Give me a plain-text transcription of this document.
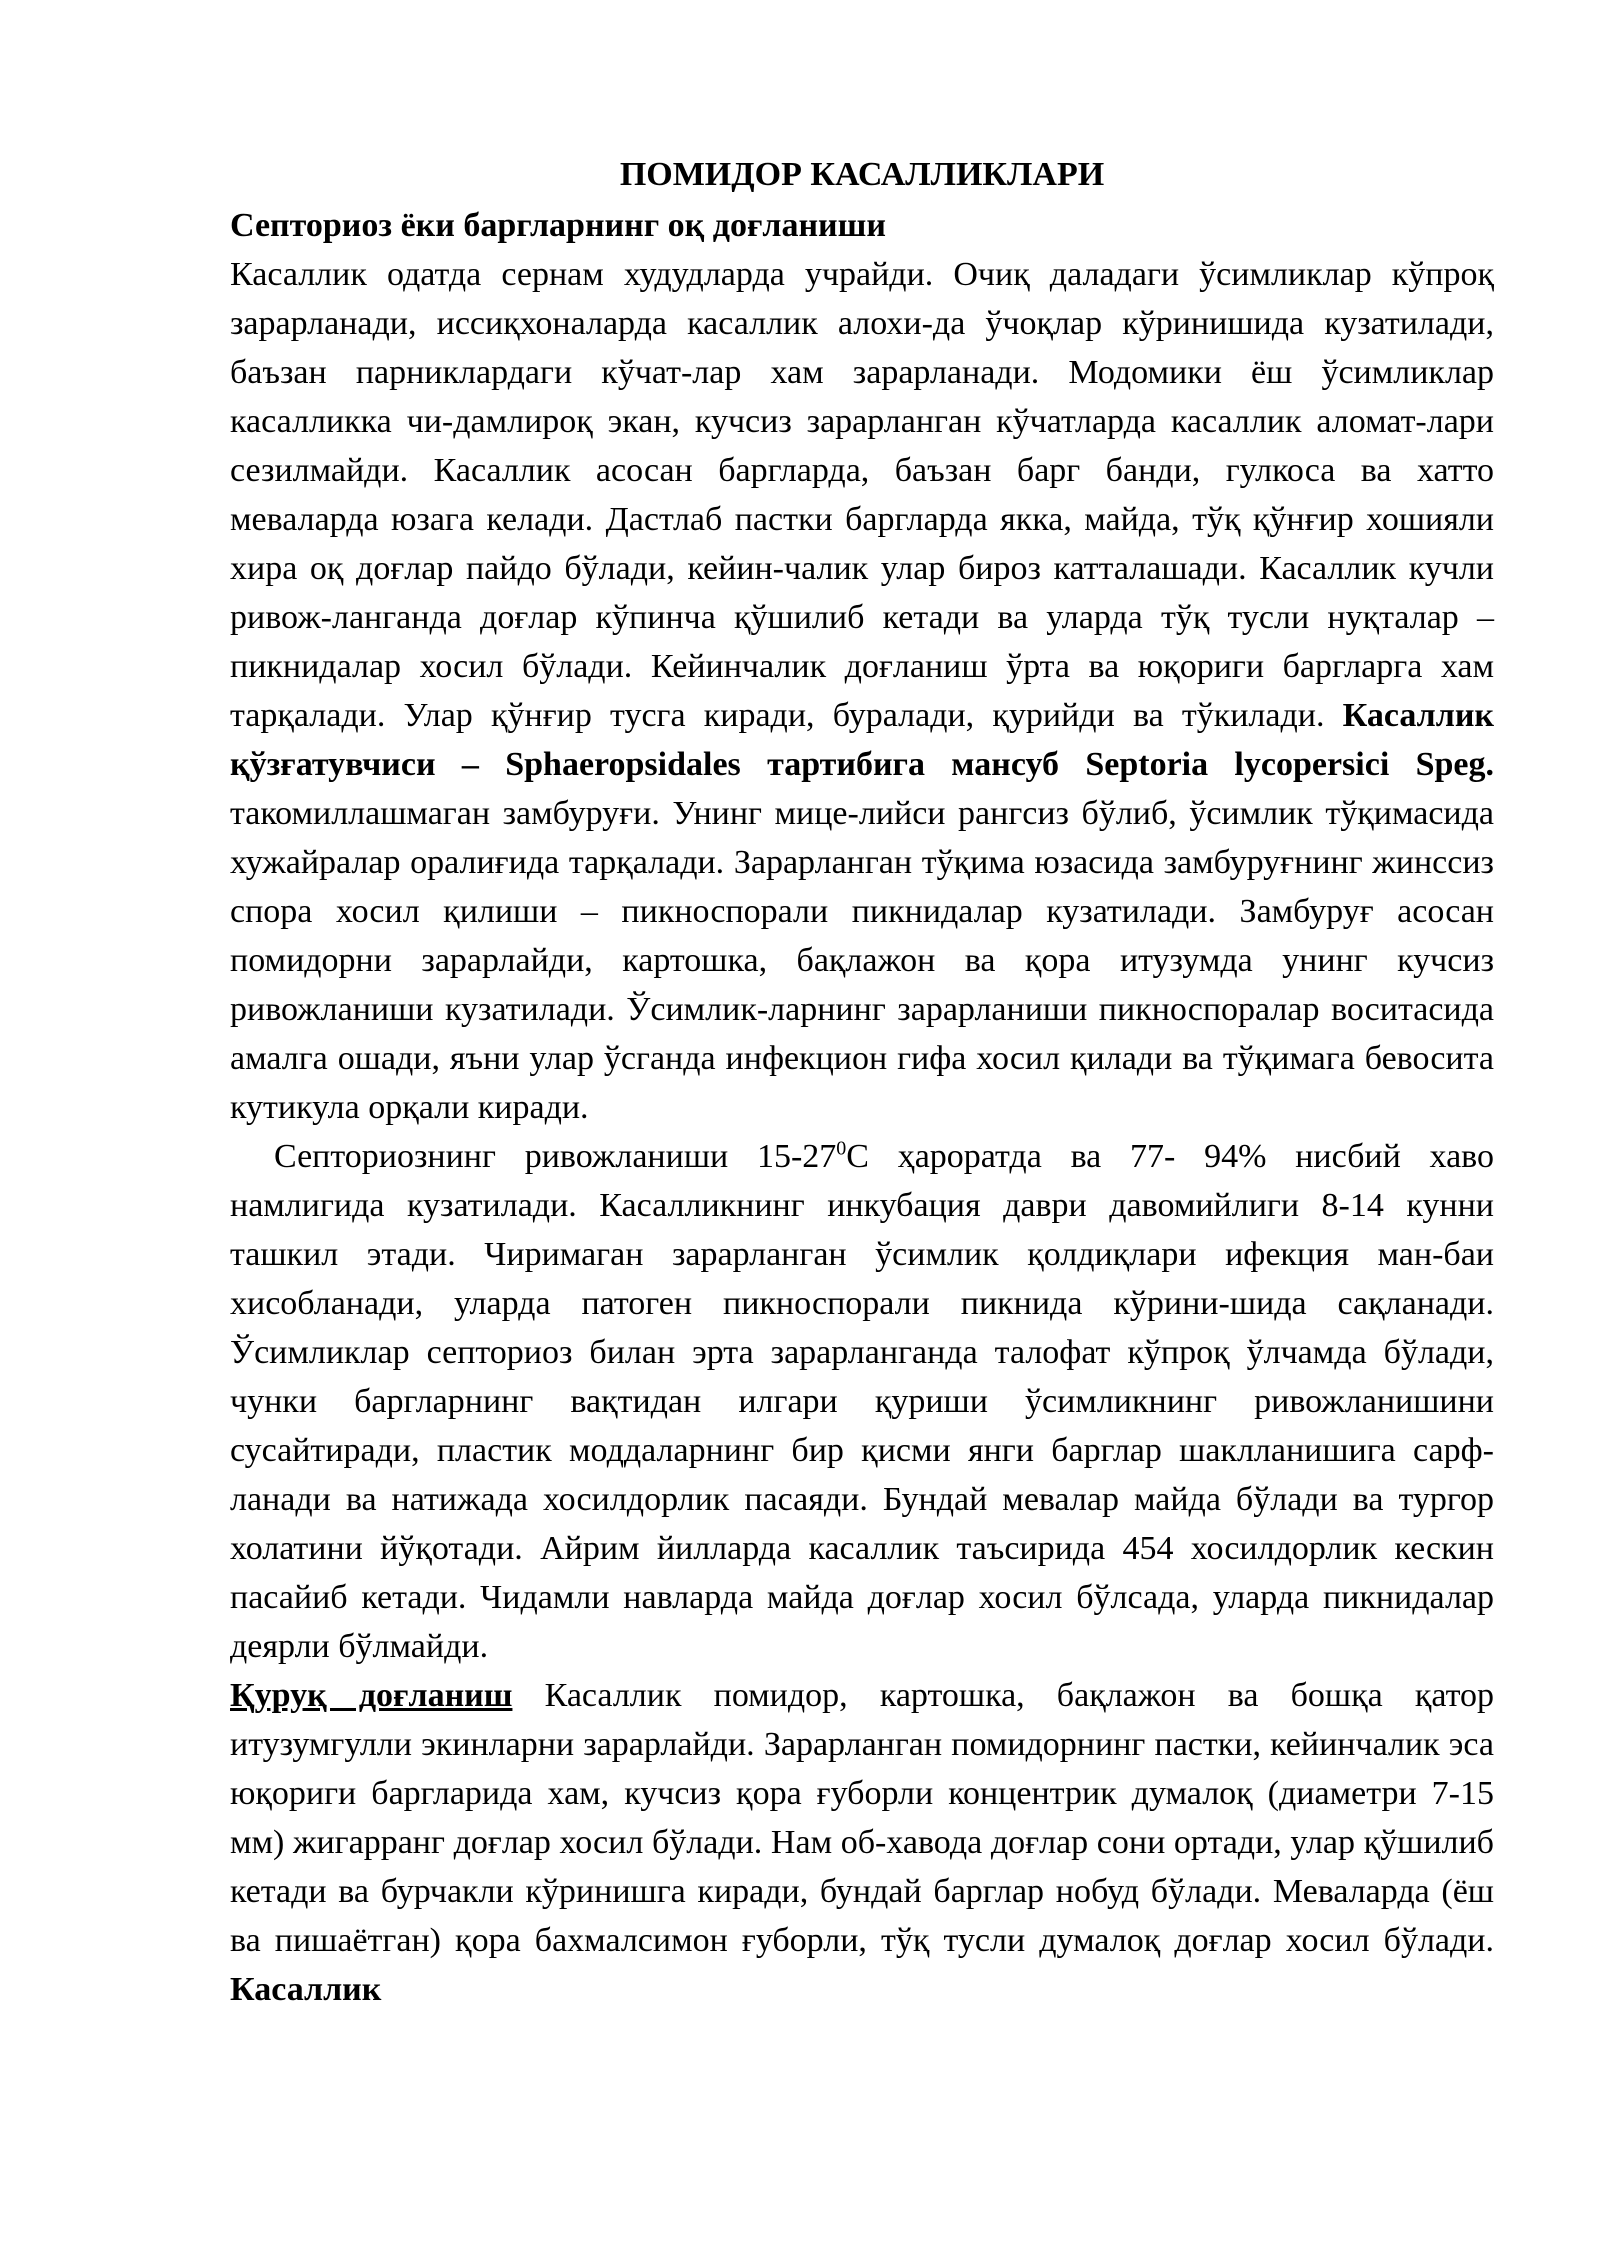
ПОМИДОР КАСАЛЛИКЛАРИ
Септориоз ёки баргларнинг оқ доғланиши

Касаллик одатда сернам худудларда учрайди. Очиқ даладаги ўсимликлар кўпроқ зарарланади, иссиқхоналарда касаллик алохи-да ўчоқлар кўринишида кузатилади, баъзан парниклардаги кўчат-лар хам зарарланади. Модомики ёш ўсимликлар касалликка чи-дамлироқ экан, кучсиз зарарланган кўчатларда касаллик аломат-лари сезилмайди. Касаллик асосан баргларда, баъзан барг банди, гулкоса ва хатто меваларда юзага келади. Дастлаб пастки баргларда якка, майда, тўқ қўнғир хошияли хира оқ доғлар пайдо бўлади, кейин-чалик улар бироз катталашади. Касаллик кучли ривож-ланганда доғлар кўпинча қўшилиб кетади ва уларда тўқ тусли нуқталар – пикнидалар хосил бўлади. Кейинчалик доғланиш ўрта ва юқориги баргларга хам тарқалади. Улар қўнғир тусга киради, буралади, қурийди ва тўкилади. Касаллик қўзғатувчиси – Sphaeropsidales тартибига мансуб Septoria lycopersici Speg. такомиллашмаган замбуруғи. Унинг мице-лийси рангсиз бўлиб, ўсимлик тўқимасида хужайралар оралиғида тарқалади. Зарарланган тўқима юзасида замбуруғнинг жинссиз спора хосил қилиши – пикноспорали пикнидалар кузатилади. Замбуруғ асосан помидорни зарарлайди, картошка, бақлажон ва қора итузумда унинг кучсиз ривожланиши кузатилади. Ўсимлик-ларнинг зарарланиши пикноспоралар воситасида амалга ошади, яъни улар ўсганда инфекцион гифа хосил қилади ва тўқимага бевосита кутикула орқали киради.

Септориознинг ривожланиши $15-27^0С$ ҳароратда ва 77- 94% нисбий хаво намлигида кузатилади. Касалликнинг инкубация даври давомийлиги 8-14 кунни ташкил этади. Чиримаган зарарланган ўсимлик қолдиқлари ифекция ман-баи хисобланади, уларда патоген пикноспорали пикнида кўрини-шида сақланади. Ўсимликлар септориоз билан эрта зарарланганда талофат кўпроқ ўлчамда бўлади, чунки баргларнинг вақтидан илгари қуриши ўсимликнинг ривожланишини сусайтиради, пластик моддаларнинг бир қисми янги барглар шаклланишига сарф-ланади ва натижада хосилдорлик пасаяди. Бундай мевалар майда бўлади ва тургор холатини йўқотади. Айрим йилларда касаллик таъсирида 454 хосилдорлик кескин пасайиб кетади. Чидамли навларда майда доғлар хосил бўлсада, уларда пикнидалар деярли бўлмайди.

Қуруқ доғланиш Касаллик помидор, картошка, бақлажон ва бошқа қатор итузумгулли экинларни зарарлайди. Зарарланган помидорнинг пастки, кейинчалик эса юқориги баргларида хам, кучсиз қора ғуборли концентрик думалоқ (диаметри 7-15 мм) жигарранг доғлар хосил бўлади. Нам об-хавода доғлар сони ортади, улар қўшилиб кетади ва бурчакли кўринишга киради, бундай барглар нобуд бўлади. Меваларда (ёш ва пишаётган) қора бахмалсимон ғуборли, тўқ тусли думалоқ доғлар хосил бўлади. Касаллик
